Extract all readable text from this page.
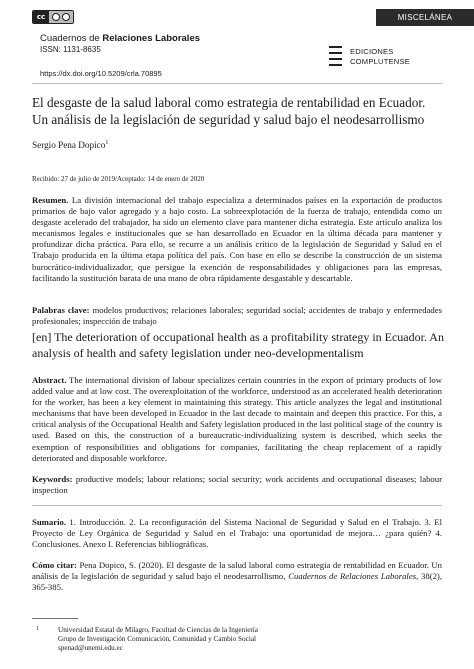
cc	MISCELÁNEA
Cuadernos de Relaciones Laborales
ISSN: 1131-8635
https://dx.doi.org/10.5209/crla.70895
EDICIONES
COMPLUTENSE
El desgaste de la salud laboral como estrategia de rentabilidad en Ecuador. Un análisis de la legislación de seguridad y salud bajo el neodesarrollismo
Sergio Pena Dopico$^1$
Recibido: 27 de julio de 2019/Aceptado: 14 de enero de 2020
Resumen. La división internacional del trabajo especializa a determinados países en la exportación de productos primarios de bajo valor agregado y a bajo costo. La sobreexplotación de la fuerza de trabajo, entendida como un desgaste acelerado del trabajador, ha sido un elemento clave para mantener dicha estrategia. Este artículo analiza los mecanismos legales e institucionales que se han desarrollado en Ecuador en la última década para mantener y profundizar dicha práctica. Para ello, se recurre a un análisis crítico de la legislación de Seguridad y Salud en el Trabajo producida en la última etapa política del país. Con base en ello se describe la construcción de un sistema burocrático-individualizador, que persigue la exención de responsabilidades y obligaciones para las empresas, facilitando la sustitución barata de una mano de obra rápidamente desgastable y descartable.
Palabras clave: modelos productivos; relaciones laborales; seguridad social; accidentes de trabajo y enfermedades profesionales; inspección de trabajo
[en] The deterioration of occupational health as a profitability strategy in Ecuador. An analysis of health and safety legislation under neo-developmentalism
Abstract. The international division of labour specializes certain countries in the export of primary products of low added value and at low cost. The overexploitation of the workforce, understood as an accelerated health deterioration for the worker, has been a key element in maintaining this strategy. This article analyzes the legal and institutional mechanisms that have been developed in Ecuador in the last decade to maintain and deepen this practice. For this, a critical analysis of the Occupational Health and Safety legislation produced in the last political stage of the country is used. Based on this, the construction of a bureaucratic-individualizing system is described, which seeks the exemption of responsibilities and obligations for companies, facilitating the cheap replacement of a rapidly deteriorated and disposable workforce.
Keywords: productive models; labour relations; social security; work accidents and occupational diseases; labour inspection
Sumario. 1. Introducción. 2. La reconfiguración del Sistema Nacional de Seguridad y Salud en el Trabajo. 3. El Proyecto de Ley Orgánica de Seguridad y Salud en el Trabajo: una oportunidad de mejora… ¿para quién? 4. Conclusiones. Anexo I. Referencias bibliográficas.
Cómo citar: Pena Dopico, S. (2020). El desgaste de la salud laboral como estrategia de rentabilidad en Ecuador. Un análisis de la legislación de seguridad y salud bajo el neodesarrollismo, Cuadernos de Relaciones Laborales, 38(2), 365-385.
1	Universidad Estatal de Milagro, Facultad de Ciencias de la Ingeniería
Grupo de Investigación Comunicación, Comunidad y Cambio Social
spenad@unemi.edu.ec
